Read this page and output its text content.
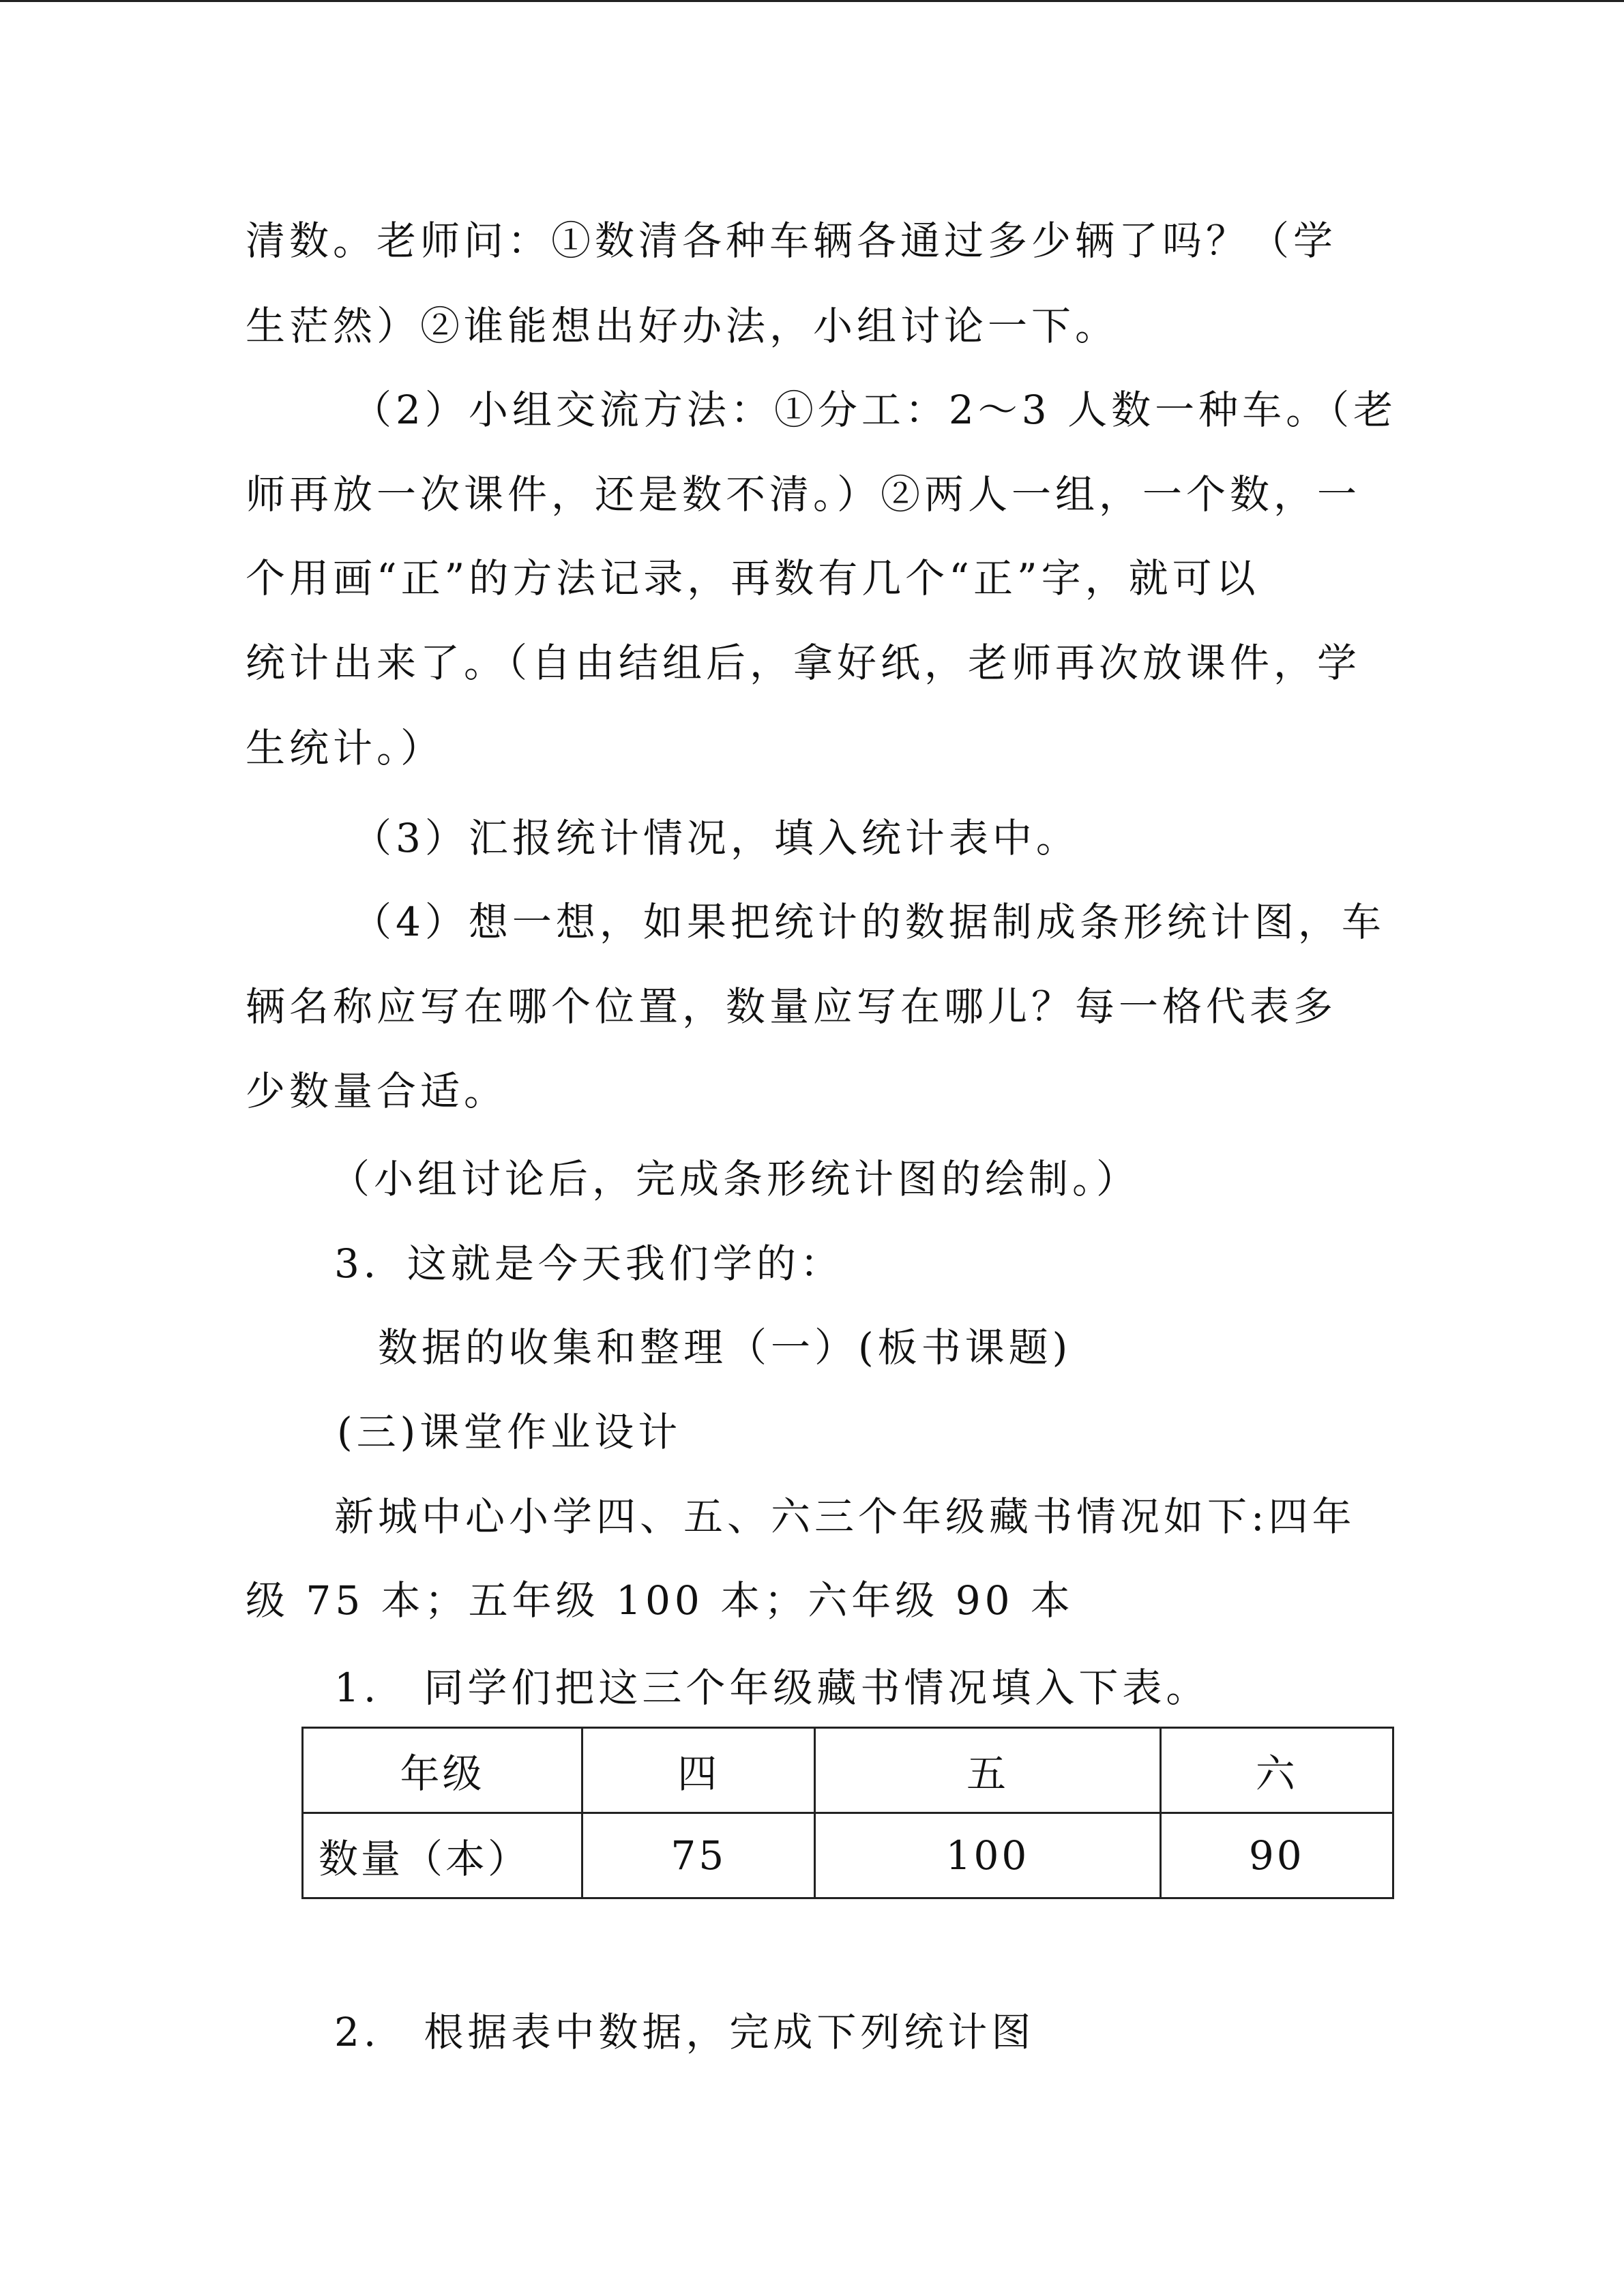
清数。老师问：①数清各种车辆各通过多少辆了吗？（学
生茫然）②谁能想出好办法，小组讨论一下。
（2）小组交流方法：①分工：2～3 人数一种车。（老
师再放一次课件，还是数不清。）②两人一组，一个数，一
个用画“正”的方法记录，再数有几个“正”字，就可以
统计出来了。（自由结组后，拿好纸，老师再次放课件，学
生统计。）
（3）汇报统计情况，填入统计表中。
（4）想一想，如果把统计的数据制成条形统计图，车
辆名称应写在哪个位置，数量应写在哪儿？每一格代表多
少数量合适。
（小组讨论后，完成条形统计图的绘制。）
3．这就是今天我们学的：
数据的收集和整理（一）(板书课题)
(三)课堂作业设计
新城中心小学四、五、六三个年级藏书情况如下:四年
级 75 本；五年级 100 本；六年级 90 本
1.　同学们把这三个年级藏书情况填入下表。
年级	四	五	六
数量（本）	75	100	90
2.　根据表中数据，完成下列统计图
